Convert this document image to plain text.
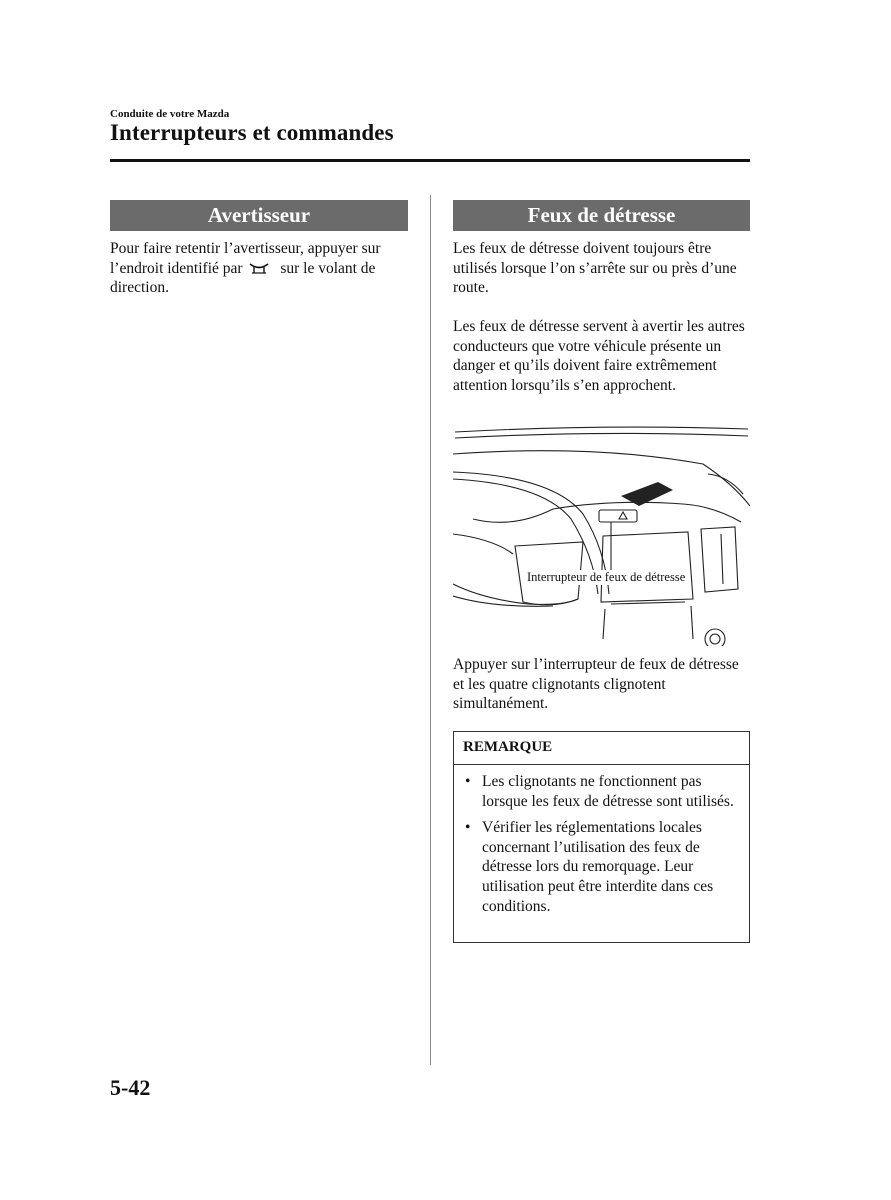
Conduite de votre Mazda
Interrupteurs et commandes
Avertisseur
Pour faire retentir l’avertisseur, appuyer sur l’endroit identifié par sur le volant de direction.
Feux de détresse
Les feux de détresse doivent toujours être utilisés lorsque l’on s’arrête sur ou près d’une route.
Les feux de détresse servent à avertir les autres conducteurs que votre véhicule présente un danger et qu’ils doivent faire extrêmement attention lorsqu’ils s’en approchent.
Interrupteur de feux de détresse
Appuyer sur l’interrupteur de feux de détresse et les quatre clignotants clignotent simultanément.
REMARQUE
• Les clignotants ne fonctionnent pas lorsque les feux de détresse sont utilisés.
• Vérifier les réglementations locales concernant l’utilisation des feux de détresse lors du remorquage. Leur utilisation peut être interdite dans ces conditions.
5-42
